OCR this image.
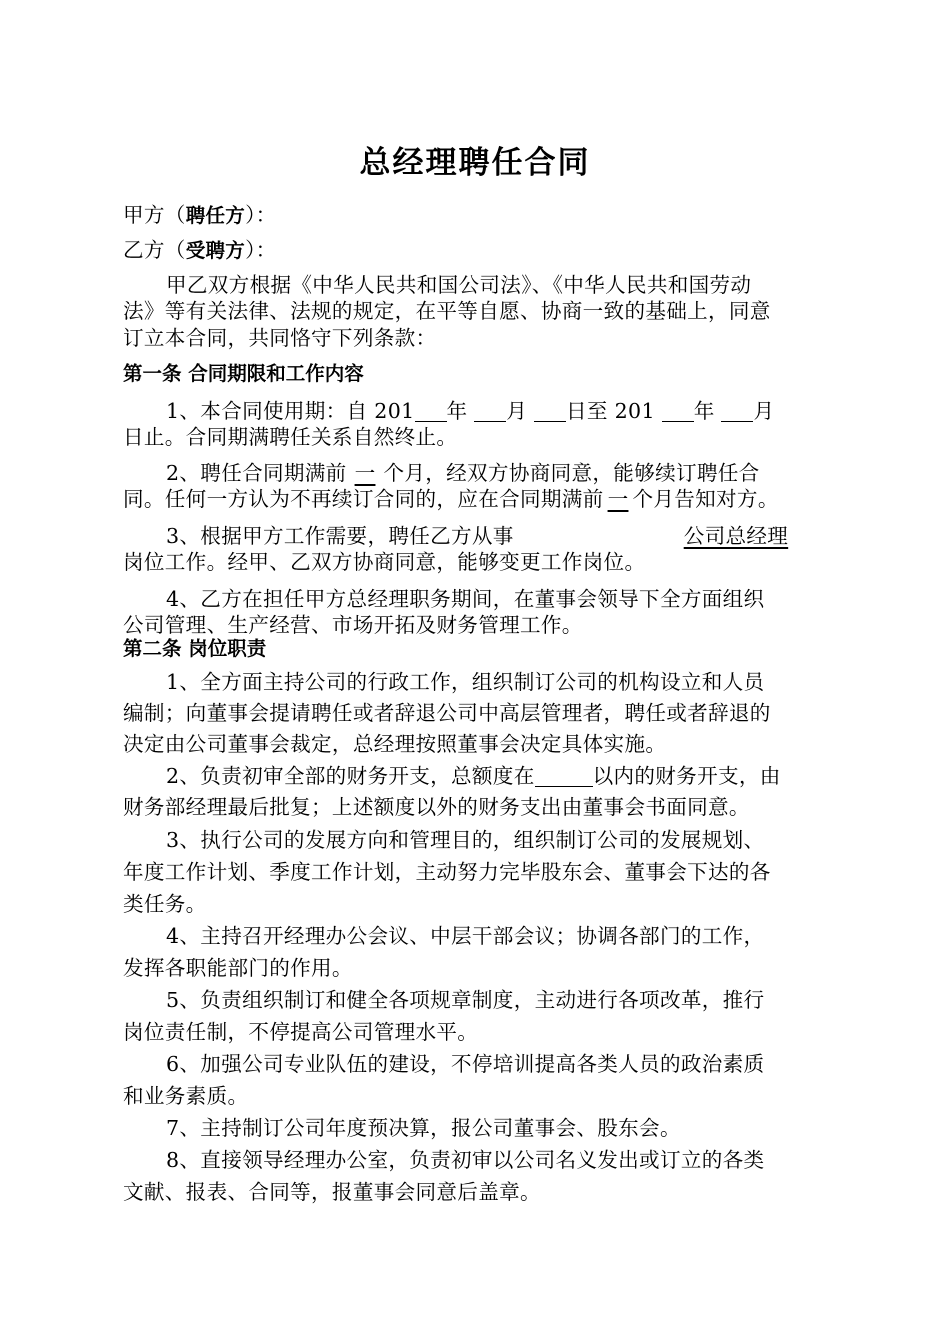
总经理聘任合同
甲方（聘任方）：
乙方（受聘方）：
甲乙双方根据《中华人民共和国公司法》、《中华人民共和国劳动
法》等有关法律、法规的规定，在平等自愿、协商一致的基础上，同意
订立本合同，共同恪守下列条款：
第一条 合同期限和工作内容
1、本合同使用期：自 201 年 月 日至 201 年 月
日止。合同期满聘任关系自然终止。
2、聘任合同期满前 一 个月，经双方协商同意，能够续订聘任合
同。任何一方认为不再续订合同的，应在合同期满前 一 个月告知对方。
3、根据甲方工作需要，聘任乙方从事	公司总经理
岗位工作。经甲、乙双方协商同意，能够变更工作岗位。
4、乙方在担任甲方总经理职务期间，在董事会领导下全方面组织
公司管理、生产经营、市场开拓及财务管理工作。
第二条 岗位职责
1、全方面主持公司的行政工作，组织制订公司的机构设立和人员
编制；向董事会提请聘任或者辞退公司中高层管理者，聘任或者辞退的
决定由公司董事会裁定，总经理按照董事会决定具体实施。
2、负责初审全部的财务开支，总额度在	以内的财务开支，由
财务部经理最后批复；上述额度以外的财务支出由董事会书面同意。
3、执行公司的发展方向和管理目的，组织制订公司的发展规划、
年度工作计划、季度工作计划，主动努力完毕股东会、董事会下达的各
类任务。
4、主持召开经理办公会议、中层干部会议；协调各部门的工作，
发挥各职能部门的作用。
5、负责组织制订和健全各项规章制度，主动进行各项改革，推行
岗位责任制，不停提高公司管理水平。
6、加强公司专业队伍的建设，不停培训提高各类人员的政治素质
和业务素质。
7、主持制订公司年度预决算，报公司董事会、股东会。
8、直接领导经理办公室，负责初审以公司名义发出或订立的各类
文献、报表、合同等，报董事会同意后盖章。
